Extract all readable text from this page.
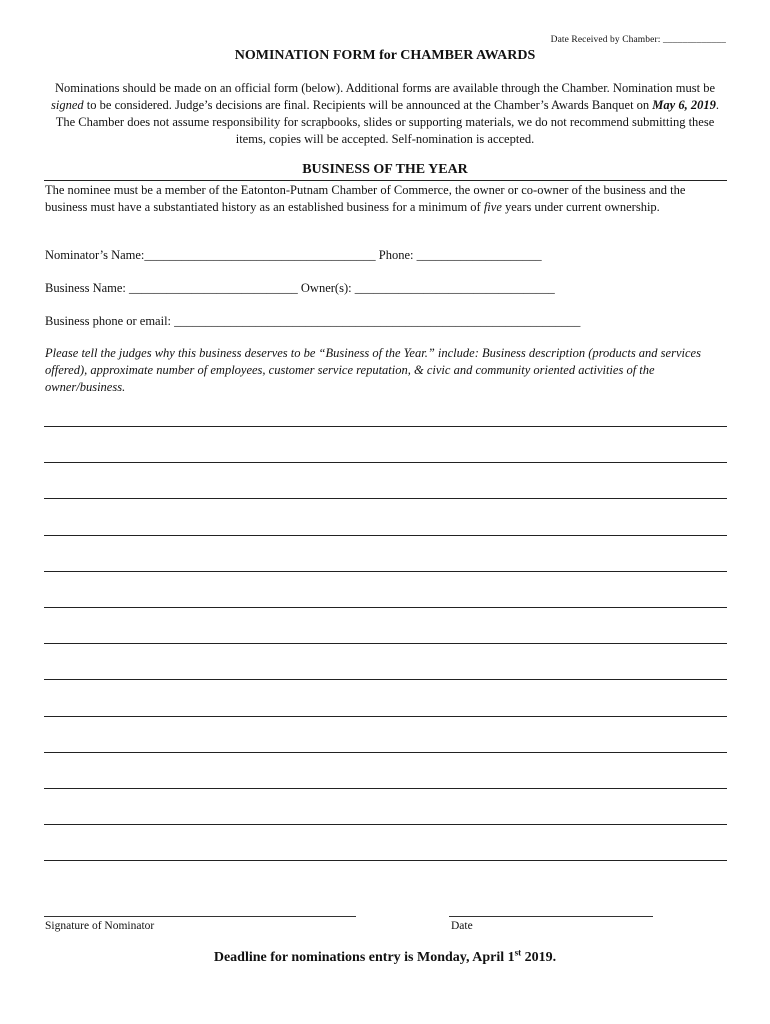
Date Received by Chamber: _____________
NOMINATION FORM for CHAMBER AWARDS
Nominations should be made on an official form (below). Additional forms are available through the Chamber. Nomination must be signed to be considered. Judge’s decisions are final. Recipients will be announced at the Chamber’s Awards Banquet on May 6, 2019. The Chamber does not assume responsibility for scrapbooks, slides or supporting materials, we do not recommend submitting these items, copies will be accepted. Self-nomination is accepted.
BUSINESS OF THE YEAR
The nominee must be a member of the Eatonton-Putnam Chamber of Commerce, the owner or co-owner of the business and the business must have a substantiated history as an established business for a minimum of five years under current ownership.
Nominator’s Name:_____________________________________ Phone: ____________________
Business Name: ___________________________ Owner(s): ________________________________
Business phone or email: _________________________________________________________________
Please tell the judges why this business deserves to be “Business of the Year.” include: Business description (products and services offered), approximate number of employees, customer service reputation, & civic and community oriented activities of the owner/business.
Signature of Nominator	Date
Deadline for nominations entry is Monday, April 1st 2019.
